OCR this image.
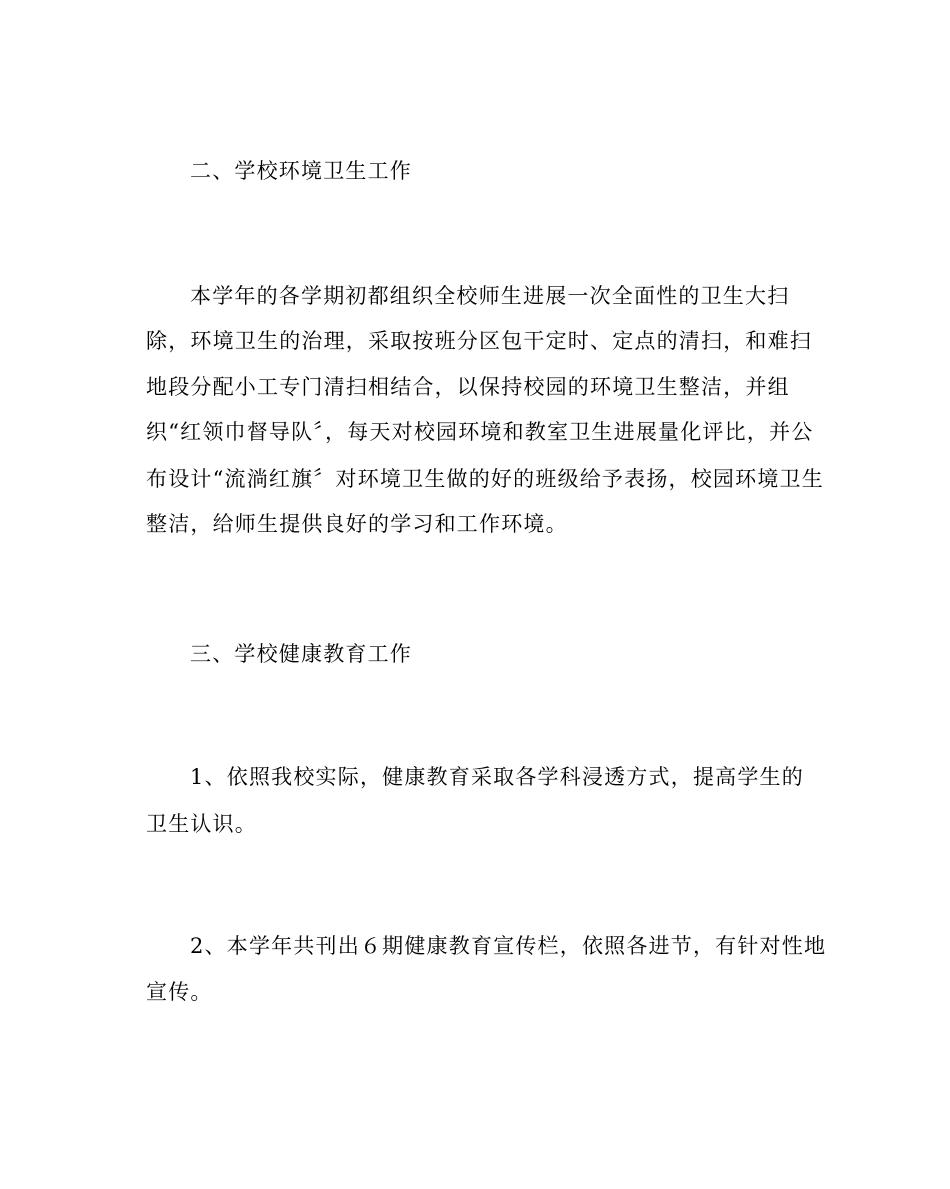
二、学校环境卫生工作
本学年的各学期初都组织全校师生进展一次全面性的卫生大扫
除，环境卫生的治理，采取按班分区包干定时、定点的清扫，和难扫
地段分配小工专门清扫相结合，以保持校园的环境卫生整洁，并组
织“红领巾督导队〞，每天对校园环境和教室卫生进展量化评比，并公
布设计“流淌红旗〞对环境卫生做的好的班级给予表扬，校园环境卫生
整洁，给师生提供良好的学习和工作环境。
三、学校健康教育工作
1、依照我校实际，健康教育采取各学科浸透方式，提高学生的
卫生认识。
2、本学年共刊出６期健康教育宣传栏，依照各进节，有针对性地
宣传。
